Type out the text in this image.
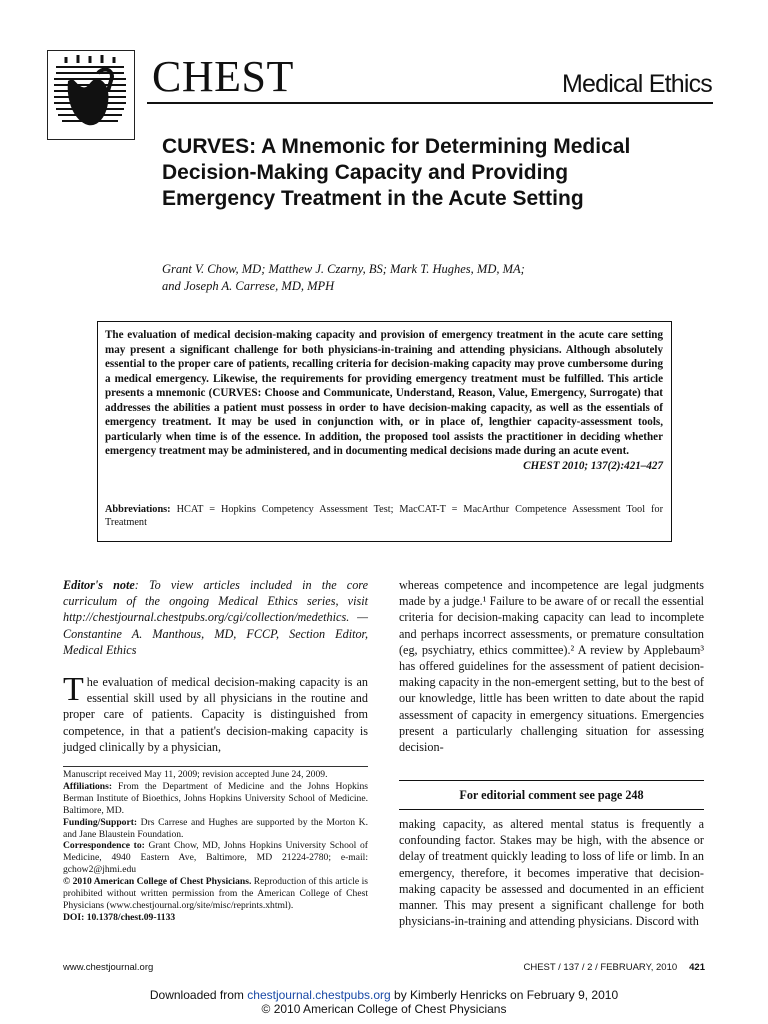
CHEST	Medical Ethics
CURVES: A Mnemonic for Determining Medical Decision-Making Capacity and Providing Emergency Treatment in the Acute Setting
Grant V. Chow, MD; Matthew J. Czarny, BS; Mark T. Hughes, MD, MA;
and Joseph A. Carrese, MD, MPH

The evaluation of medical decision-making capacity and provision of emergency treatment in the acute care setting may present a significant challenge for both physicians-in-training and attending physicians. Although absolutely essential to the proper care of patients, recalling criteria for decision-making capacity may prove cumbersome during a medical emergency. Likewise, the requirements for providing emergency treatment must be fulfilled. This article presents a mnemonic (CURVES: Choose and Communicate, Understand, Reason, Value, Emergency, Surrogate) that addresses the abilities a patient must possess in order to have decision-making capacity, as well as the essentials of emergency treatment. It may be used in conjunction with, or in place of, lengthier capacity-assessment tools, particularly when time is of the essence. In addition, the proposed tool assists the practitioner in deciding whether emergency treatment may be administered, and in documenting medical decisions made during an acute event.
CHEST 2010; 137(2):421–427

Abbreviations: HCAT = Hopkins Competency Assessment Test; MacCAT-T = MacArthur Competence Assessment Tool for Treatment
Editor's note: To view articles included in the core curriculum of the ongoing Medical Ethics series, visit http://chestjournal.chestpubs.org/cgi/collection/medethics. —Constantine A. Manthous, MD, FCCP, Section Editor, Medical Ethics
The evaluation of medical decision-making capacity is an essential skill used by all physicians in the routine and proper care of patients. Capacity is distinguished from competence, in that a patient's decision-making capacity is judged clinically by a physician,

Manuscript received May 11, 2009; revision accepted June 24, 2009.

Affiliations: From the Department of Medicine and the Johns Hopkins Berman Institute of Bioethics, Johns Hopkins University School of Medicine. Baltimore, MD.

Funding/Support: Drs Carrese and Hughes are supported by the Morton K. and Jane Blaustein Foundation.

Correspondence to: Grant Chow, MD, Johns Hopkins University School of Medicine, 4940 Eastern Ave, Baltimore, MD 21224-2780; e-mail: gchow2@jhmi.edu

© 2010 American College of Chest Physicians. Reproduction of this article is prohibited without written permission from the American College of Chest Physicians (www.chestjournal.org/site/misc/reprints.xhtml).

DOI: 10.1378/chest.09-1133

whereas competence and incompetence are legal judgments made by a judge.¹ Failure to be aware of or recall the essential criteria for decision-making capacity can lead to incomplete and perhaps incorrect assessments, or premature consultation (eg, psychiatry, ethics committee).² A review by Applebaum³ has offered guidelines for the assessment of patient decision-making capacity in the non-emergent setting, but to the best of our knowledge, little has been written to date about the rapid assessment of capacity in emergency situations. Emergencies present a particularly challenging situation for assessing decision-
For editorial comment see page 248
making capacity, as altered mental status is frequently a confounding factor. Stakes may be high, with the absence or delay of treatment quickly leading to loss of life or limb. In an emergency, therefore, it becomes imperative that decision-making capacity be assessed and documented in an efficient manner. This may present a significant challenge for both physicians-in-training and attending physicians. Discord with
www.chestjournal.org	CHEST / 137 / 2 / FEBRUARY, 2010 421
Downloaded from chestjournal.chestpubs.org by Kimberly Henricks on February 9, 2010
© 2010 American College of Chest Physicians
